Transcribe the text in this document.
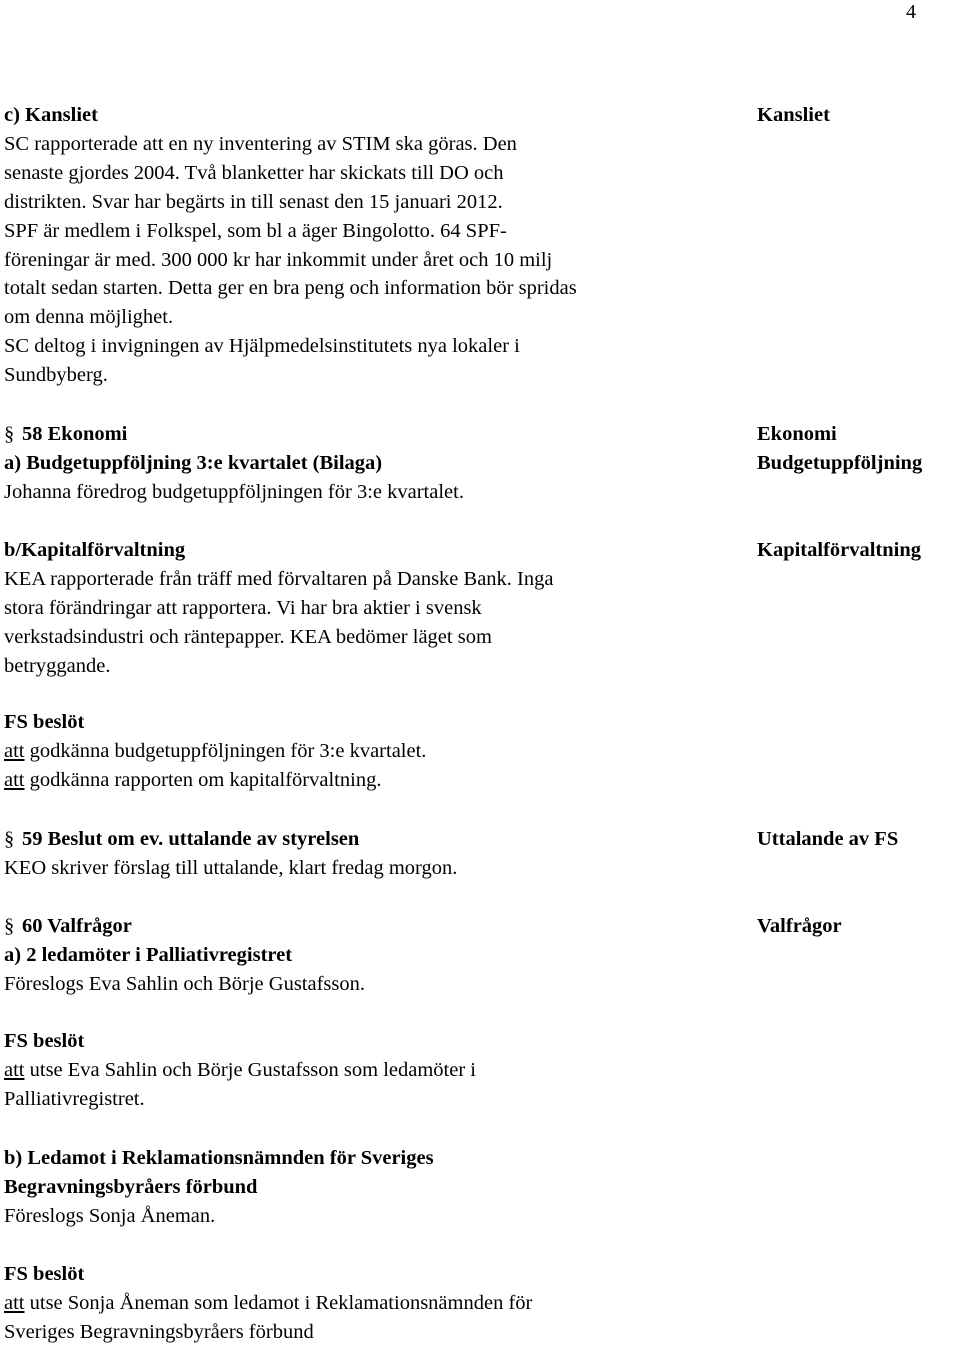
4
c) Kansliet
SC rapporterade att en ny inventering av STIM ska göras. Den
senaste gjordes 2004. Två blanketter har skickats till DO och
distrikten. Svar har begärts in till senast den 15 januari 2012.
SPF är medlem i Folkspel, som bl a äger Bingolotto. 64 SPF-
föreningar är med. 300 000 kr har inkommit under året och 10 milj
totalt sedan starten. Detta ger en bra peng och information bör spridas
om denna möjlighet.
SC deltog i invigningen av Hjälpmedelsinstitutets nya lokaler i
Sundbyberg.
Kansliet
§ 58 Ekonomi
a) Budgetuppföljning 3:e kvartalet (Bilaga)
Johanna föredrog budgetuppföljningen för 3:e kvartalet.
Ekonomi
Budgetuppföljning
b/Kapitalförvaltning
KEA rapporterade från träff med förvaltaren på Danske Bank. Inga
stora förändringar att rapportera. Vi har bra aktier i svensk
verkstadsindustri och räntepapper. KEA bedömer läget som
betryggande.
Kapitalförvaltning
FS beslöt
att godkänna budgetuppföljningen för 3:e kvartalet.
att godkänna rapporten om kapitalförvaltning.
§ 59 Beslut om ev. uttalande av styrelsen
KEO skriver förslag till uttalande, klart fredag morgon.
Uttalande av FS
§ 60 Valfrågor
a) 2 ledamöter i Palliativregistret
Föreslogs Eva Sahlin och Börje Gustafsson.
Valfrågor
FS beslöt
att utse Eva Sahlin och Börje Gustafsson som ledamöter i
Palliativregistret.
b) Ledamot i Reklamationsnämnden för Sveriges
Begravningsbyråers förbund
Föreslogs Sonja Åneman.
FS beslöt
att utse Sonja Åneman som ledamot i Reklamationsnämnden för
Sveriges Begravningsbyråers förbund
